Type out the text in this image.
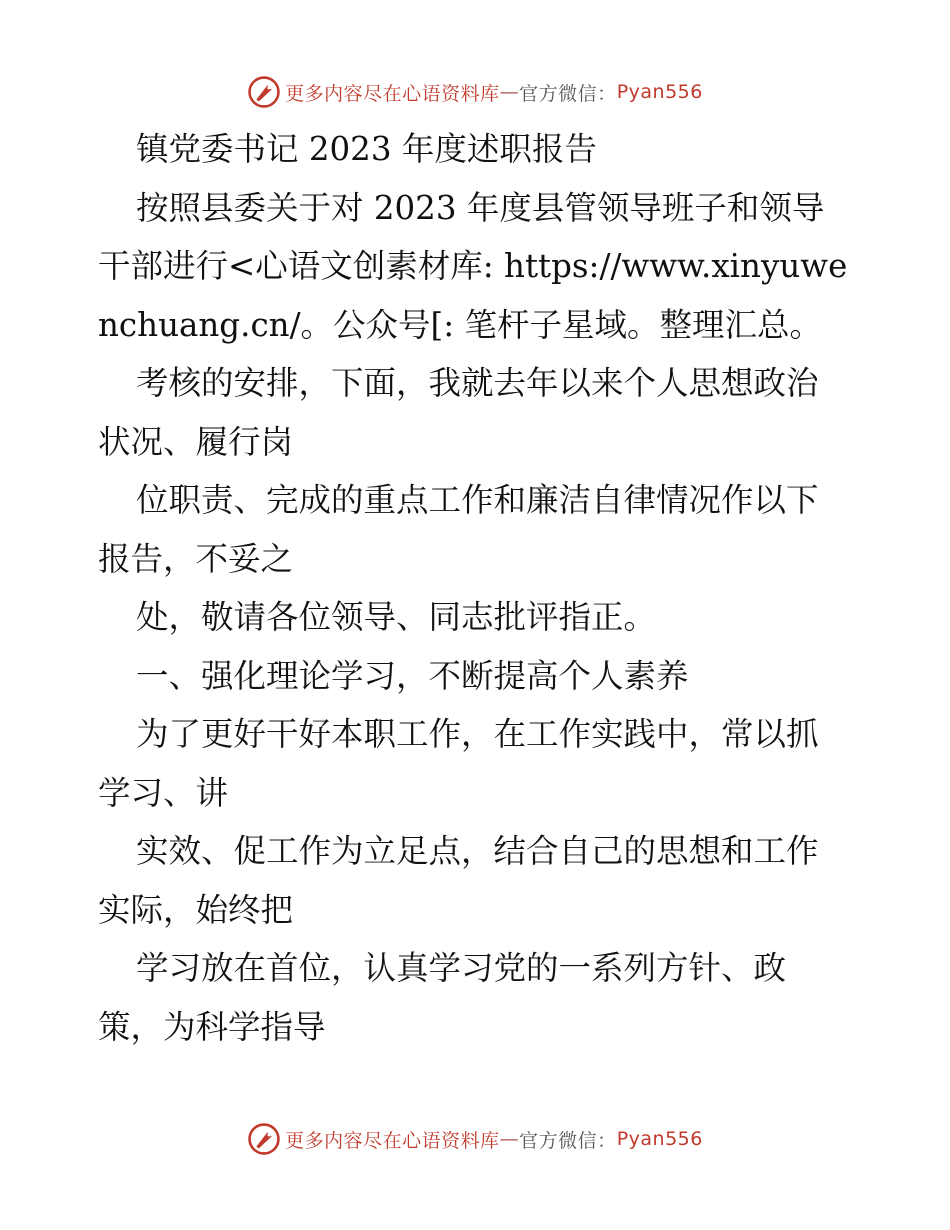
更多内容尽在心语资料库 — 官方微信： Pyan556
镇党委书记 2023 年度述职报告
按照县委关于对 2023 年度县管领导班子和领导
干部进行<心语文创素材库: https://www.xinyuwe
nchuang.cn/。公众号[: 笔杆子星域。整理汇总。
考核的安排，下面，我就去年以来个人思想政治
状况、履行岗
位职责、完成的重点工作和廉洁自律情况作以下
报告，不妥之
处，敬请各位领导、同志批评指正。
一、强化理论学习，不断提高个人素养
为了更好干好本职工作，在工作实践中，常以抓
学习、讲
实效、促工作为立足点，结合自己的思想和工作
实际，始终把
学习放在首位，认真学习党的一系列方针、政
策，为科学指导
更多内容尽在心语资料库 — 官方微信： Pyan556
